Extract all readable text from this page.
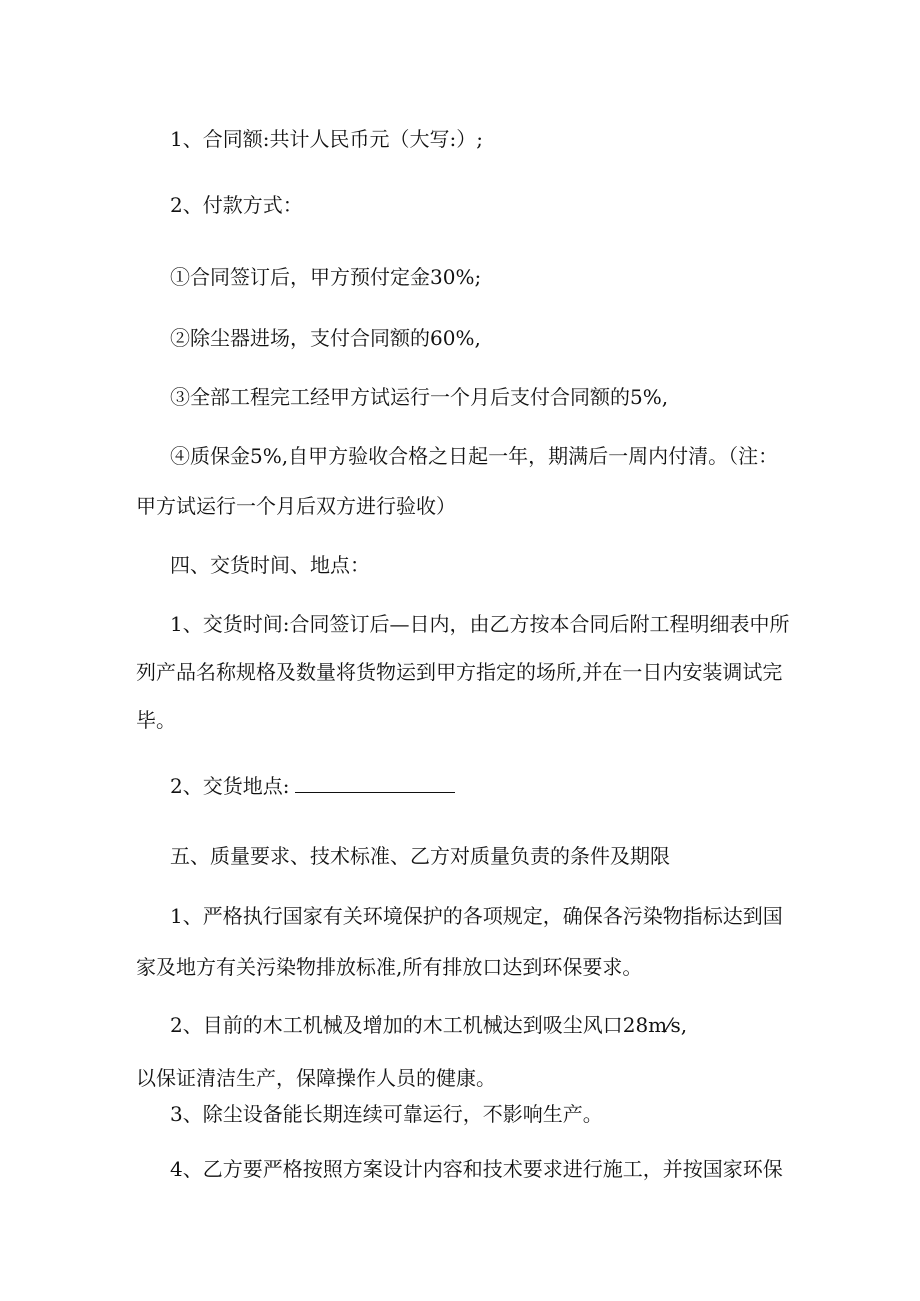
1、合同额:共计人民币元（大写:）;
2、付款方式：
①合同签订后，甲方预付定金30%;
②除尘器进场，支付合同额的60%,
③全部工程完工经甲方试运行一个月后支付合同额的5%,
④质保金5%,自甲方验收合格之日起一年，期满后一周内付清。（注：
甲方试运行一个月后双方进行验收）
四、交货时间、地点：
1、交货时间:合同签订后—日内，由乙方按本合同后附工程明细表中所
列产品名称规格及数量将货物运到甲方指定的场所,并在一日内安装调试完
毕。
2、交货地点:
五、质量要求、技术标准、乙方对质量负责的条件及期限
1、严格执行国家有关环境保护的各项规定，确保各污染物指标达到国
家及地方有关污染物排放标准,所有排放口达到环保要求。
2、目前的木工机械及增加的木工机械达到吸尘风口28m⁄s,
以保证清洁生产，保障操作人员的健康。
3、除尘设备能长期连续可靠运行，不影响生产。
4、乙方要严格按照方案设计内容和技术要求进行施工，并按国家环保
